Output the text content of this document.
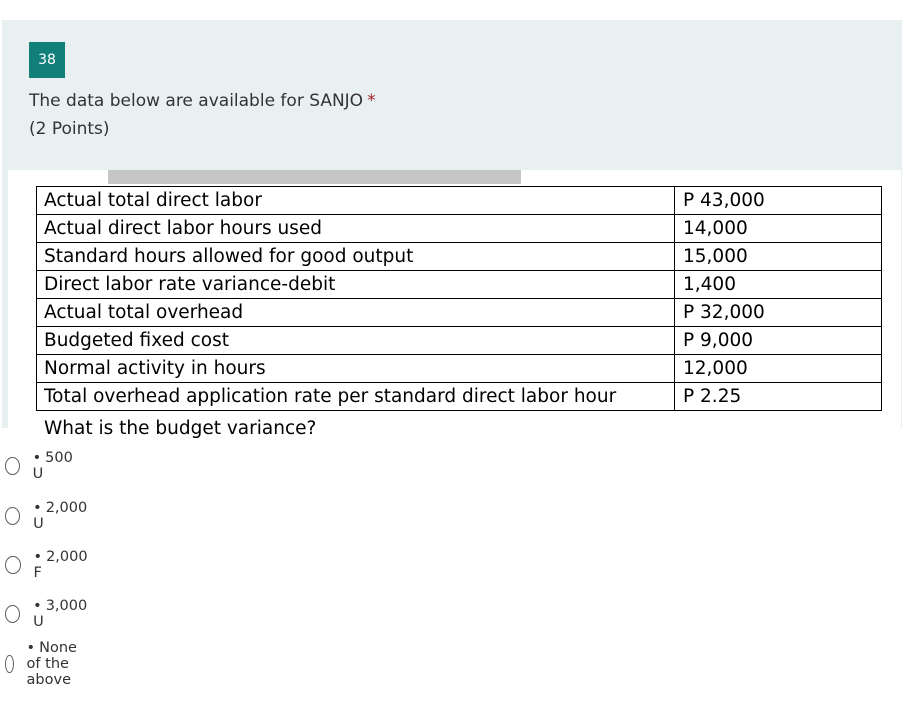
38
The data below are available for SANJO *
(2 Points)
Actual total direct labor	P 43,000
Actual direct labor hours used	14,000
Standard hours allowed for good output	15,000
Direct labor rate variance-debit	1,400
Actual total overhead	P 32,000
Budgeted fixed cost	P 9,000
Normal activity in hours	12,000
Total overhead application rate per standard direct labor hour	P 2.25
What is the budget variance?
• 500 U
• 2,000 U
• 2,000 F
• 3,000 U
• None of the above
